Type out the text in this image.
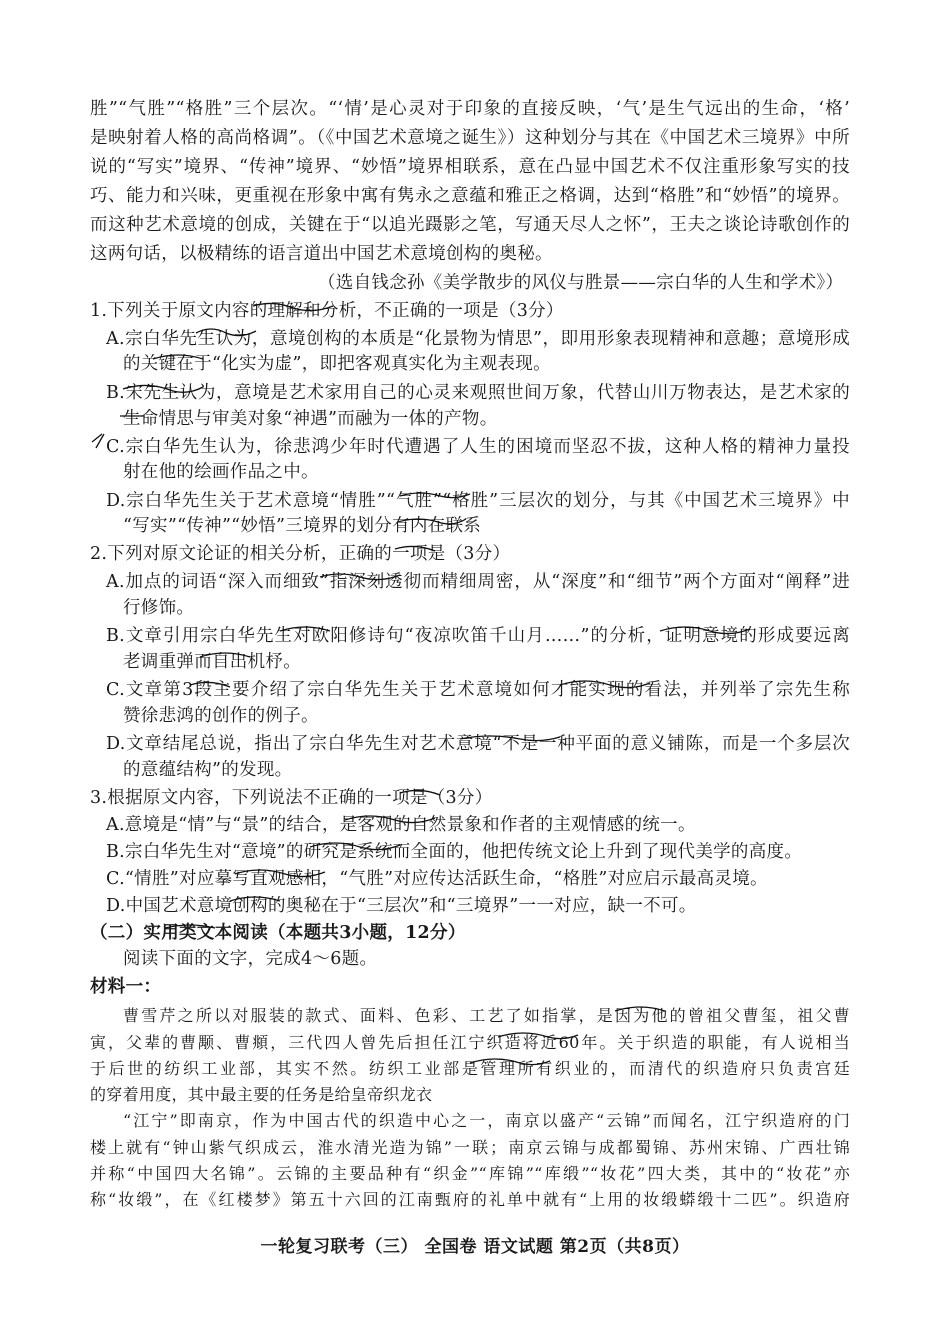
胜”“气胜”“格胜”三个层次。“‘情’是心灵对于印象的直接反映，‘气’是生气远出的生命，‘格’
是映射着人格的高尚格调”。（《中国艺术意境之诞生》）这种划分与其在《中国艺术三境界》中所
说的“写实”境界、“传神”境界、“妙悟”境界相联系，意在凸显中国艺术不仅注重形象写实的技
巧、能力和兴味，更重视在形象中寓有隽永之意蕴和雅正之格调，达到“格胜”和“妙悟”的境界。
而这种艺术意境的创成，关键在于“以追光蹑影之笔，写通天尽人之怀”，王夫之谈论诗歌创作的
这两句话，以极精练的语言道出中国艺术意境创构的奥秘。
（选自钱念孙《美学散步的风仪与胜景——宗白华的人生和学术》）
1.下列关于原文内容的理解和分析，不正确的一项是（3分）
A.宗白华先生认为，意境创构的本质是“化景物为情思”，即用形象表现精神和意趣；意境形成
的关键在于“化实为虚”，即把客观真实化为主观表现。
B.宋先生认为，意境是艺术家用自己的心灵来观照世间万象，代替山川万物表达，是艺术家的
生命情思与审美对象“神遇”而融为一体的产物。
C.宗白华先生认为，徐悲鸿少年时代遭遇了人生的困境而坚忍不拔，这种人格的精神力量投
射在他的绘画作品之中。
D.宗白华先生关于艺术意境“情胜”“气胜”“格胜”三层次的划分，与其《中国艺术三境界》中
“写实”“传神”“妙悟”三境界的划分有内在联系
2.下列对原文论证的相关分析，正确的一项是（3分）
A.加点的词语“深入而细致”指深刻透彻而精细周密，从“深度”和“细节”两个方面对“阐释”进
行修饰。
B.文章引用宗白华先生对欧阳修诗句“夜凉吹笛千山月……”的分析，证明意境的形成要远离
老调重弹而自出机杼。
C.文章第3段主要介绍了宗白华先生关于艺术意境如何才能实现的看法，并列举了宗先生称
赞徐悲鸿的创作的例子。
D.文章结尾总说，指出了宗白华先生对艺术意境“不是一种平面的意义铺陈，而是一个多层次
的意蕴结构”的发现。
3.根据原文内容，下列说法不正确的一项是（3分）
A.意境是“情”与“景”的结合，是客观的自然景象和作者的主观情感的统一。
B.宗白华先生对“意境”的研究是系统而全面的，他把传统文论上升到了现代美学的高度。
C.“情胜”对应摹写直观感相，“气胜”对应传达活跃生命，“格胜”对应启示最高灵境。
D.中国艺术意境创构的奥秘在于“三层次”和“三境界”一一对应，缺一不可。
（二）实用类文本阅读（本题共3小题，12分）
阅读下面的文字，完成4～6题。
材料一：
曹雪芹之所以对服装的款式、面料、色彩、工艺了如指掌，是因为他的曾祖父曹玺，祖父曹
寅，父辈的曹颙、曹頫，三代四人曾先后担任江宁织造将近60年。关于织造的职能，有人说相当
于后世的纺织工业部，其实不然。纺织工业部是管理所有织业的，而清代的织造府只负责宫廷
的穿着用度，其中最主要的任务是给皇帝织龙衣
“江宁”即南京，作为中国古代的织造中心之一，南京以盛产“云锦”而闻名，江宁织造府的门
楼上就有“钟山紫气织成云，淮水清光造为锦”一联；南京云锦与成都蜀锦、苏州宋锦、广西壮锦
并称“中国四大名锦”。云锦的主要品种有“织金”“库锦”“库缎”“妆花”四大类，其中的“妆花”亦
称“妆缎”，在《红楼梦》第五十六回的江南甄府的礼单中就有“上用的妆缎蟒缎十二匹”。织造府
一轮复习联考（三） 全国卷 语文试题 第2页（共8页）
